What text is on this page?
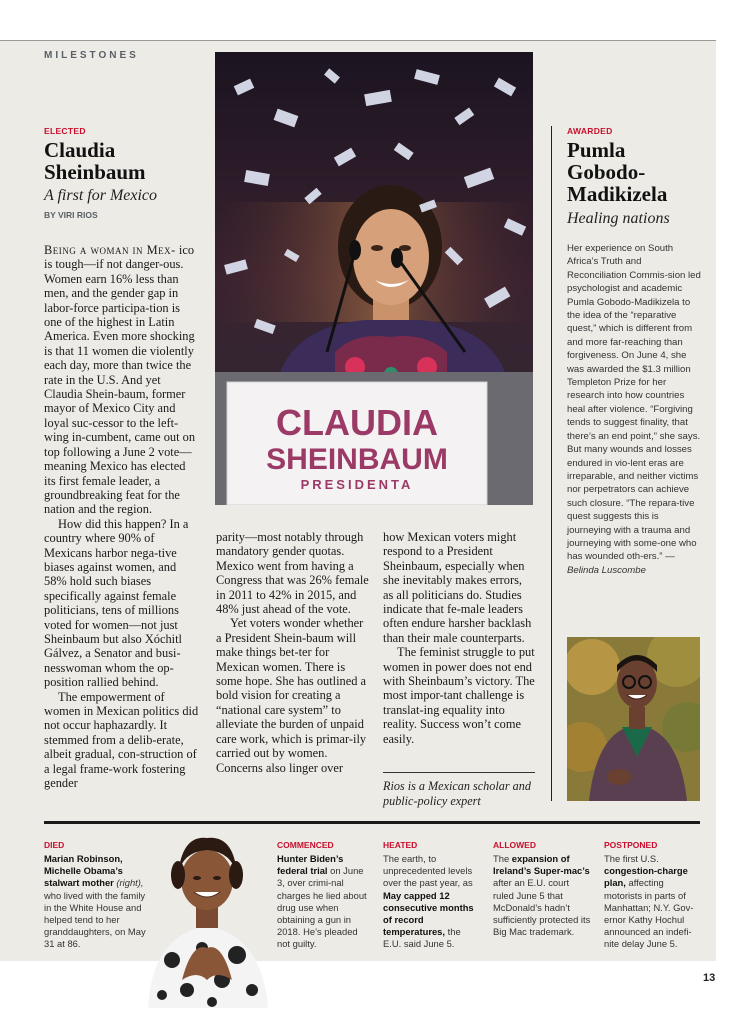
MILESTONES
ELECTED
Claudia
Sheinbaum
A first for Mexico
BY VIRI RIOS

Being a woman in Mex- ico is tough—if not danger-ous. Women earn 16% less than men, and the gender gap in labor-force participa-tion is one of the highest in Latin America. Even more shocking is that 11 women die violently each day, more than twice the rate in the U.S. And yet Claudia Shein-baum, former mayor of Mexico City and loyal suc-cessor to the left-wing in-cumbent, came out on top following a June 2 vote—meaning Mexico has elected its first female leader, a groundbreaking feat for the nation and the region.

How did this happen? In a country where 90% of Mexicans harbor nega-tive biases against women, and 58% hold such biases specifically against female politicians, tens of millions voted for women—not just Sheinbaum but also Xóchitl Gálvez, a Senator and busi-nesswoman whom the op-position rallied behind.

The empowerment of women in Mexican politics did not occur haphazardly. It stemmed from a delib-erate, albeit gradual, con-struction of a legal frame-work fostering gender

parity—most notably through mandatory gender quotas. Mexico went from having a Congress that was 26% female in 2011 to 42% in 2015, and 48% just ahead of the vote.

Yet voters wonder whether a President Shein-baum will make things bet-ter for Mexican women. There is some hope. She has outlined a bold vision for creating a “national care system” to alleviate the burden of unpaid care work, which is primar-ily carried out by women. Concerns also linger over

how Mexican voters might respond to a President Sheinbaum, especially when she inevitably makes errors, as all politicians do. Studies indicate that fe-male leaders often endure harsher backlash than their male counterparts.

The feminist struggle to put women in power does not end with Sheinbaum’s victory. The most impor-tant challenge is translat-ing equality into reality. Success won’t come easily.

Rios is a Mexican scholar and public-policy expert
CLAUDIA
SHEINBAUM
PRESIDENTA
AWARDED
Pumla
Gobodo-
Madikizela
Healing nations

Her experience on South Africa’s Truth and Reconciliation Commis-sion led psychologist and academic Pumla Gobodo-Madikizela to the idea of the “reparative quest,” which is different from and more far-reaching than forgiveness. On June 4, she was awarded the $1.3 million Templeton Prize for her research into how countries heal after violence. “Forgiving tends to suggest finality, that there’s an end point,” she says. But many wounds and losses endured in vio-lent eras are irreparable, and neither victims nor perpetrators can achieve such closure. “The repara-tive quest suggests this is journeying with a trauma and journeying with some-one who has wounded oth-ers.” —Belinda Luscombe

DIED
Marian Robinson, Michelle Obama’s stalwart mother (right), who lived with the family in the White House and helped tend to her granddaughters, on May 31 at 86.
COMMENCED
Hunter Biden’s federal trial on June 3, over crimi-nal charges he lied about drug use when obtaining a gun in 2018. He’s pleaded not guilty.
HEATED
The earth, to unprecedented levels over the past year, as May capped 12 consecutive months of record temperatures, the E.U. said June 5.
ALLOWED
The expansion of Ireland’s Super-mac’s after an E.U. court ruled June 5 that McDonald’s hadn’t sufficiently protected its Big Mac trademark.
POSTPONED
The first U.S. congestion-charge plan, affecting motorists in parts of Manhattan; N.Y. Gov-ernor Kathy Hochul announced an indefi-nite delay June 5.
13
